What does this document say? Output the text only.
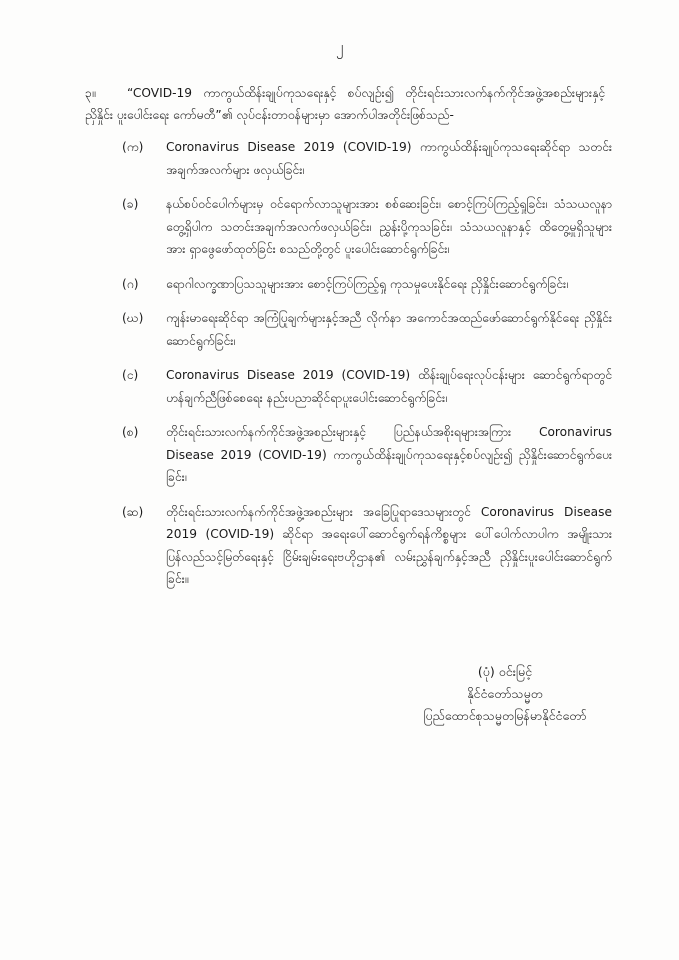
၂
၃။	“COVID-19 ကာကွယ်ထိန်းချုပ်ကုသရေးနှင့် စပ်လျဉ်း၍ တိုင်းရင်းသားလက်နက်ကိုင်အဖွဲ့အစည်းများနှင့် ညှိနှိုင်း ပူးပေါင်းရေး ကော်မတီ”၏ လုပ်ငန်းတာဝန်များမှာ အောက်ပါအတိုင်းဖြစ်သည်-
(က) Coronavirus Disease 2019 (COVID-19) ကာကွယ်ထိန်းချုပ်ကုသရေးဆိုင်ရာ သတင်းအချက်အလက်များ ဖလှယ်ခြင်း၊
(ခ) နယ်စပ်ဝင်ပေါက်များမှ ဝင်ရောက်လာသူများအား စစ်ဆေးခြင်း၊ စောင့်ကြပ်ကြည့်ရှုခြင်း၊ သံသယလူနာတွေ့ရှိပါက သတင်းအချက်အလက်ဖလှယ်ခြင်း၊ ညွှန်းပို့ကုသခြင်း၊ သံသယလူနာနှင့် ထိတွေ့မှုရှိသူများအား ရှာဖွေဖော်ထုတ်ခြင်း စသည်တို့တွင် ပူးပေါင်းဆောင်ရွက်ခြင်း၊
(ဂ) ရောဂါလက္ခဏာပြသသူများအား စောင့်ကြပ်ကြည့်ရှု ကုသမှုပေးနိုင်ရေး ညှိနှိုင်းဆောင်ရွက်ခြင်း၊
(ဃ) ကျန်းမာရေးဆိုင်ရာ အကြံပြုချက်များနှင့်အညီ လိုက်နာ အကောင်အထည်ဖော်ဆောင်ရွက်နိုင်ရေး ညှိနှိုင်းဆောင်ရွက်ခြင်း၊
(င) Coronavirus Disease 2019 (COVID-19) ထိန်းချုပ်ရေးလုပ်ငန်းများ ဆောင်ရွက်ရာတွင် ဟန်ချက်ညီဖြစ်စေရေး နည်းပညာဆိုင်ရာပူးပေါင်းဆောင်ရွက်ခြင်း၊
(စ) တိုင်းရင်းသားလက်နက်ကိုင်အဖွဲ့အစည်းများနှင့် ပြည်နယ်အစိုးရများအကြား Coronavirus Disease 2019 (COVID-19) ကာကွယ်ထိန်းချုပ်ကုသရေးနှင့်စပ်လျဉ်း၍ ညှိနှိုင်းဆောင်ရွက်ပေးခြင်း၊
(ဆ) တိုင်းရင်းသားလက်နက်ကိုင်အဖွဲ့အစည်းများ အခြေပြုရာဒေသများတွင် Coronavirus Disease 2019 (COVID-19) ဆိုင်ရာ အရေးပေါ်ဆောင်ရွက်ရန်ကိစ္စများ ပေါ်ပေါက်လာပါက အမျိုးသားပြန်လည်သင့်မြတ်ရေးနှင့် ငြိမ်းချမ်းရေးဗဟိုဌာန၏ လမ်းညွှန်ချက်နှင့်အညီ ညှိနှိုင်းပူးပေါင်းဆောင်ရွက်ခြင်း။
(ပုံ) ဝင်းမြင့်
နိုင်ငံတော်သမ္မတ
ပြည်ထောင်စုသမ္မတမြန်မာနိုင်ငံတော်
